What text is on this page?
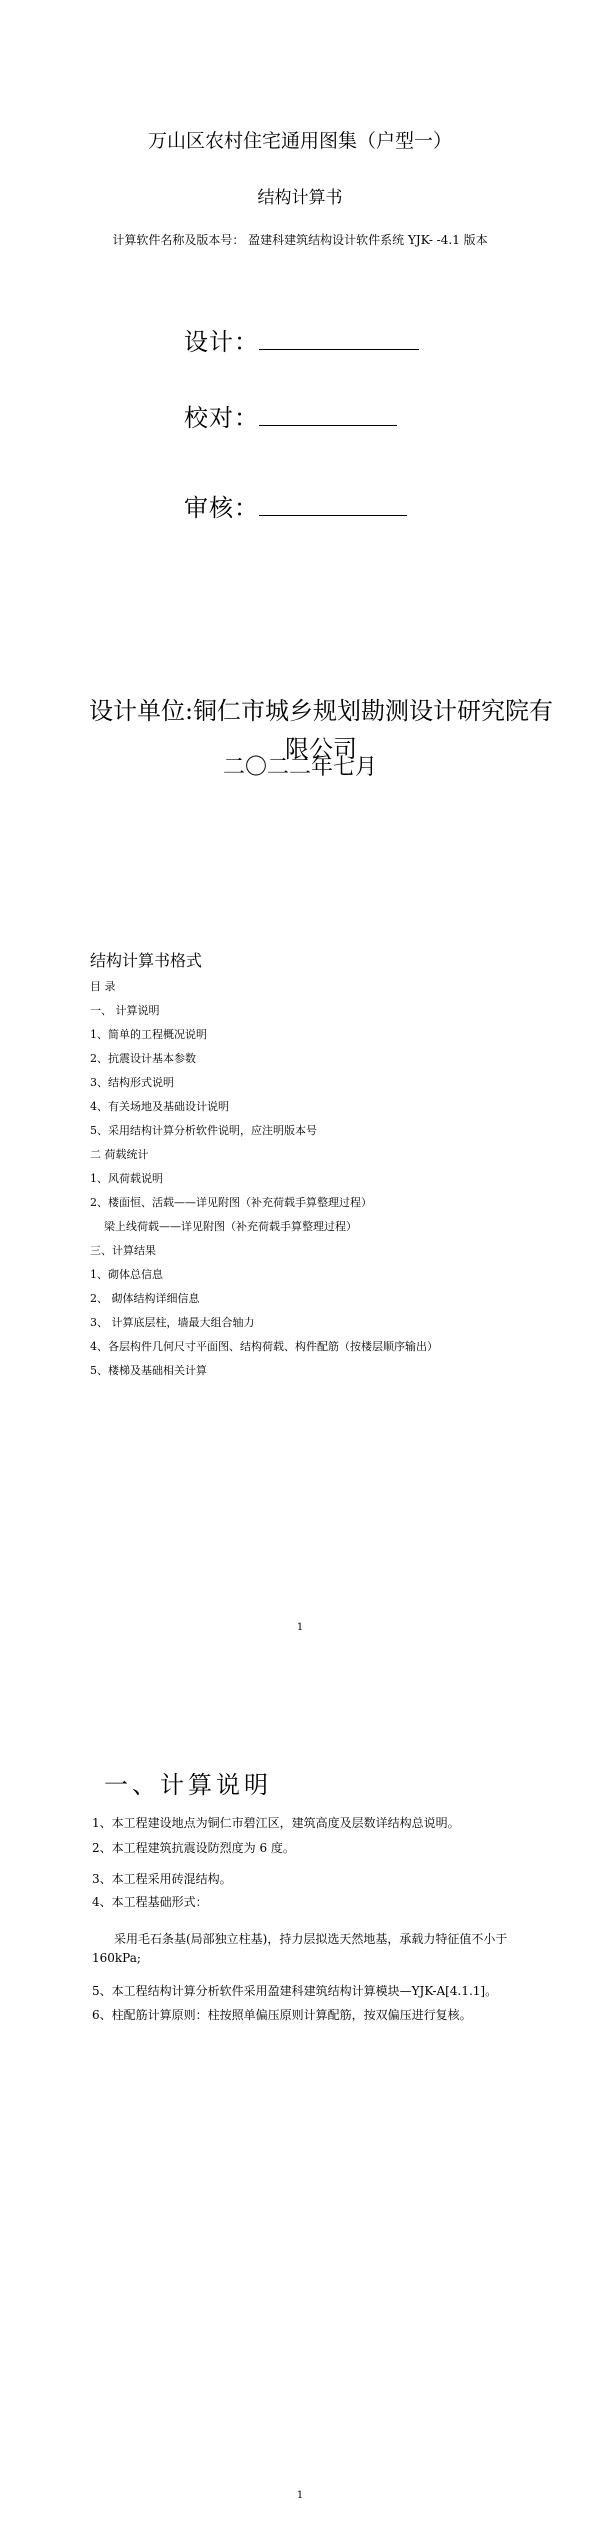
万山区农村住宅通用图集（户型一）
结构计算书
计算软件名称及版本号： 盈建科建筑结构设计软件系统 YJK- -4.1 版本
设计：
校对：
审核：
设计单位:铜仁市城乡规划勘测设计研究院有限公司
二〇二二年七月
结构计算书格式
目 录
一、 计算说明
1、简单的工程概况说明
2、抗震设计基本参数
3、结构形式说明
4、有关场地及基础设计说明
5、采用结构计算分析软件说明，应注明版本号
二 荷载统计
1、风荷载说明
2、楼面恒、活载——详见附图（补充荷载手算整理过程）
梁上线荷载——详见附图（补充荷载手算整理过程）
三、计算结果
1、砌体总信息
2、 砌体结构详细信息
3、 计算底层柱，墙最大组合轴力
4、各层构件几何尺寸平面图、结构荷载、构件配筋（按楼层顺序输出）
5、楼梯及基础相关计算
1
一、计算说明
1、本工程建设地点为铜仁市碧江区，建筑高度及层数详结构总说明。
2、本工程建筑抗震设防烈度为 6 度。
3、本工程采用砖混结构。
4、本工程基础形式：
采用毛石条基(局部独立柱基)，持力层拟选天然地基，承载力特征值不小于
160kPa;
5、本工程结构计算分析软件采用盈建科建筑结构计算模块—YJK-A[4.1.1]。
6、柱配筋计算原则：柱按照单偏压原则计算配筋，按双偏压进行复核。
1
